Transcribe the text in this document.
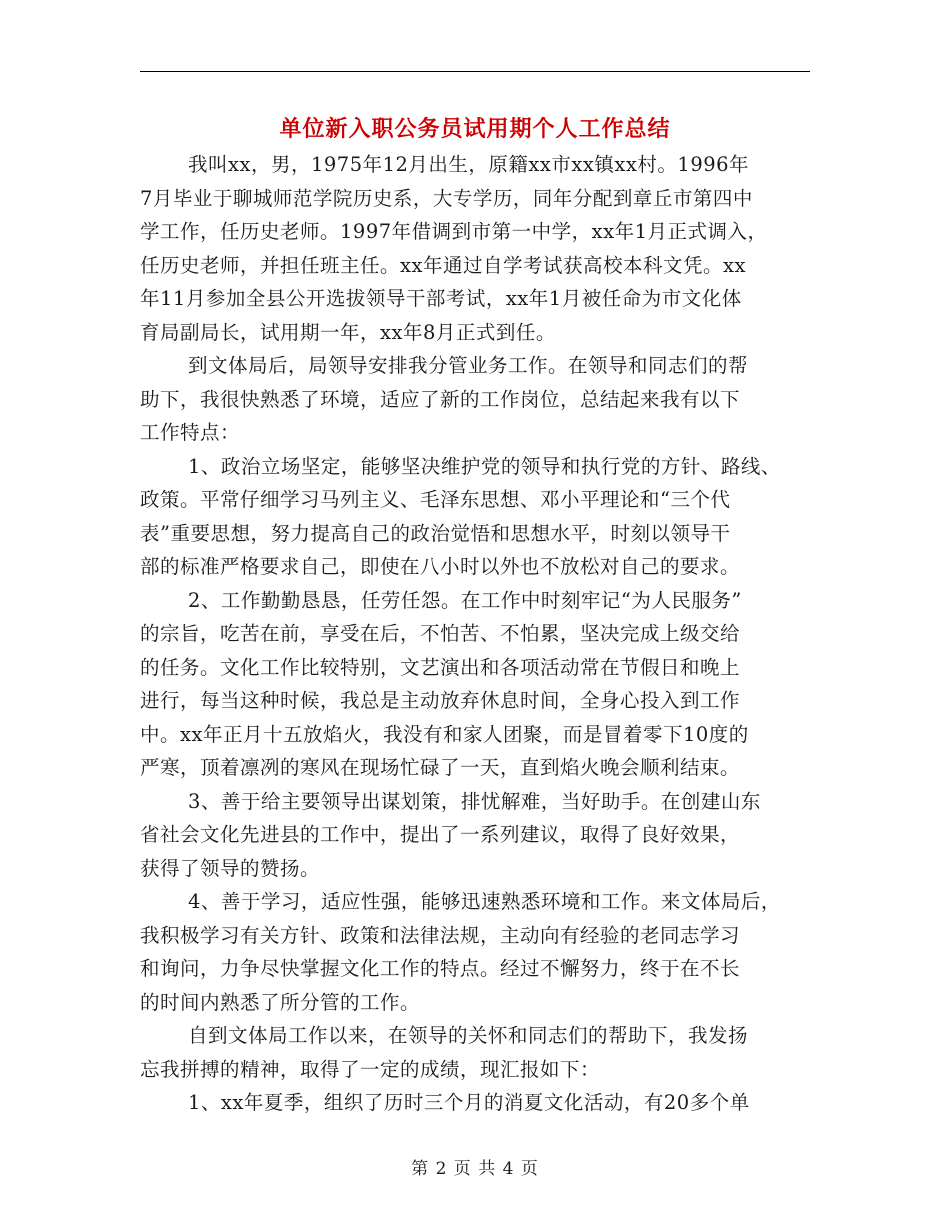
单位新入职公务员试用期个人工作总结
我叫xx，男，1975年12月出生，原籍xx市xx镇xx村。1996年
7月毕业于聊城师范学院历史系，大专学历，同年分配到章丘市第四中
学工作，任历史老师。1997年借调到市第一中学，xx年1月正式调入，
任历史老师，并担任班主任。xx年通过自学考试获高校本科文凭。xx
年11月参加全县公开选拔领导干部考试，xx年1月被任命为市文化体
育局副局长，试用期一年，xx年8月正式到任。
到文体局后，局领导安排我分管业务工作。在领导和同志们的帮
助下，我很快熟悉了环境，适应了新的工作岗位，总结起来我有以下
工作特点：
1、政治立场坚定，能够坚决维护党的领导和执行党的方针、路线、
政策。平常仔细学习马列主义、毛泽东思想、邓小平理论和“三个代
表”重要思想，努力提高自己的政治觉悟和思想水平，时刻以领导干
部的标准严格要求自己，即使在八小时以外也不放松对自己的要求。
2、工作勤勤恳恳，任劳任怨。在工作中时刻牢记“为人民服务”
的宗旨，吃苦在前，享受在后，不怕苦、不怕累，坚决完成上级交给
的任务。文化工作比较特别，文艺演出和各项活动常在节假日和晚上
进行，每当这种时候，我总是主动放弃休息时间，全身心投入到工作
中。xx年正月十五放焰火，我没有和家人团聚，而是冒着零下10度的
严寒，顶着凛冽的寒风在现场忙碌了一天，直到焰火晚会顺利结束。
3、善于给主要领导出谋划策，排忧解难，当好助手。在创建山东
省社会文化先进县的工作中，提出了一系列建议，取得了良好效果，
获得了领导的赞扬。
4、善于学习，适应性强，能够迅速熟悉环境和工作。来文体局后，
我积极学习有关方针、政策和法律法规，主动向有经验的老同志学习
和询问，力争尽快掌握文化工作的特点。经过不懈努力，终于在不长
的时间内熟悉了所分管的工作。
自到文体局工作以来，在领导的关怀和同志们的帮助下，我发扬
忘我拼搏的精神，取得了一定的成绩，现汇报如下：
1、xx年夏季，组织了历时三个月的消夏文化活动，有20多个单
第 2 页 共 4 页
